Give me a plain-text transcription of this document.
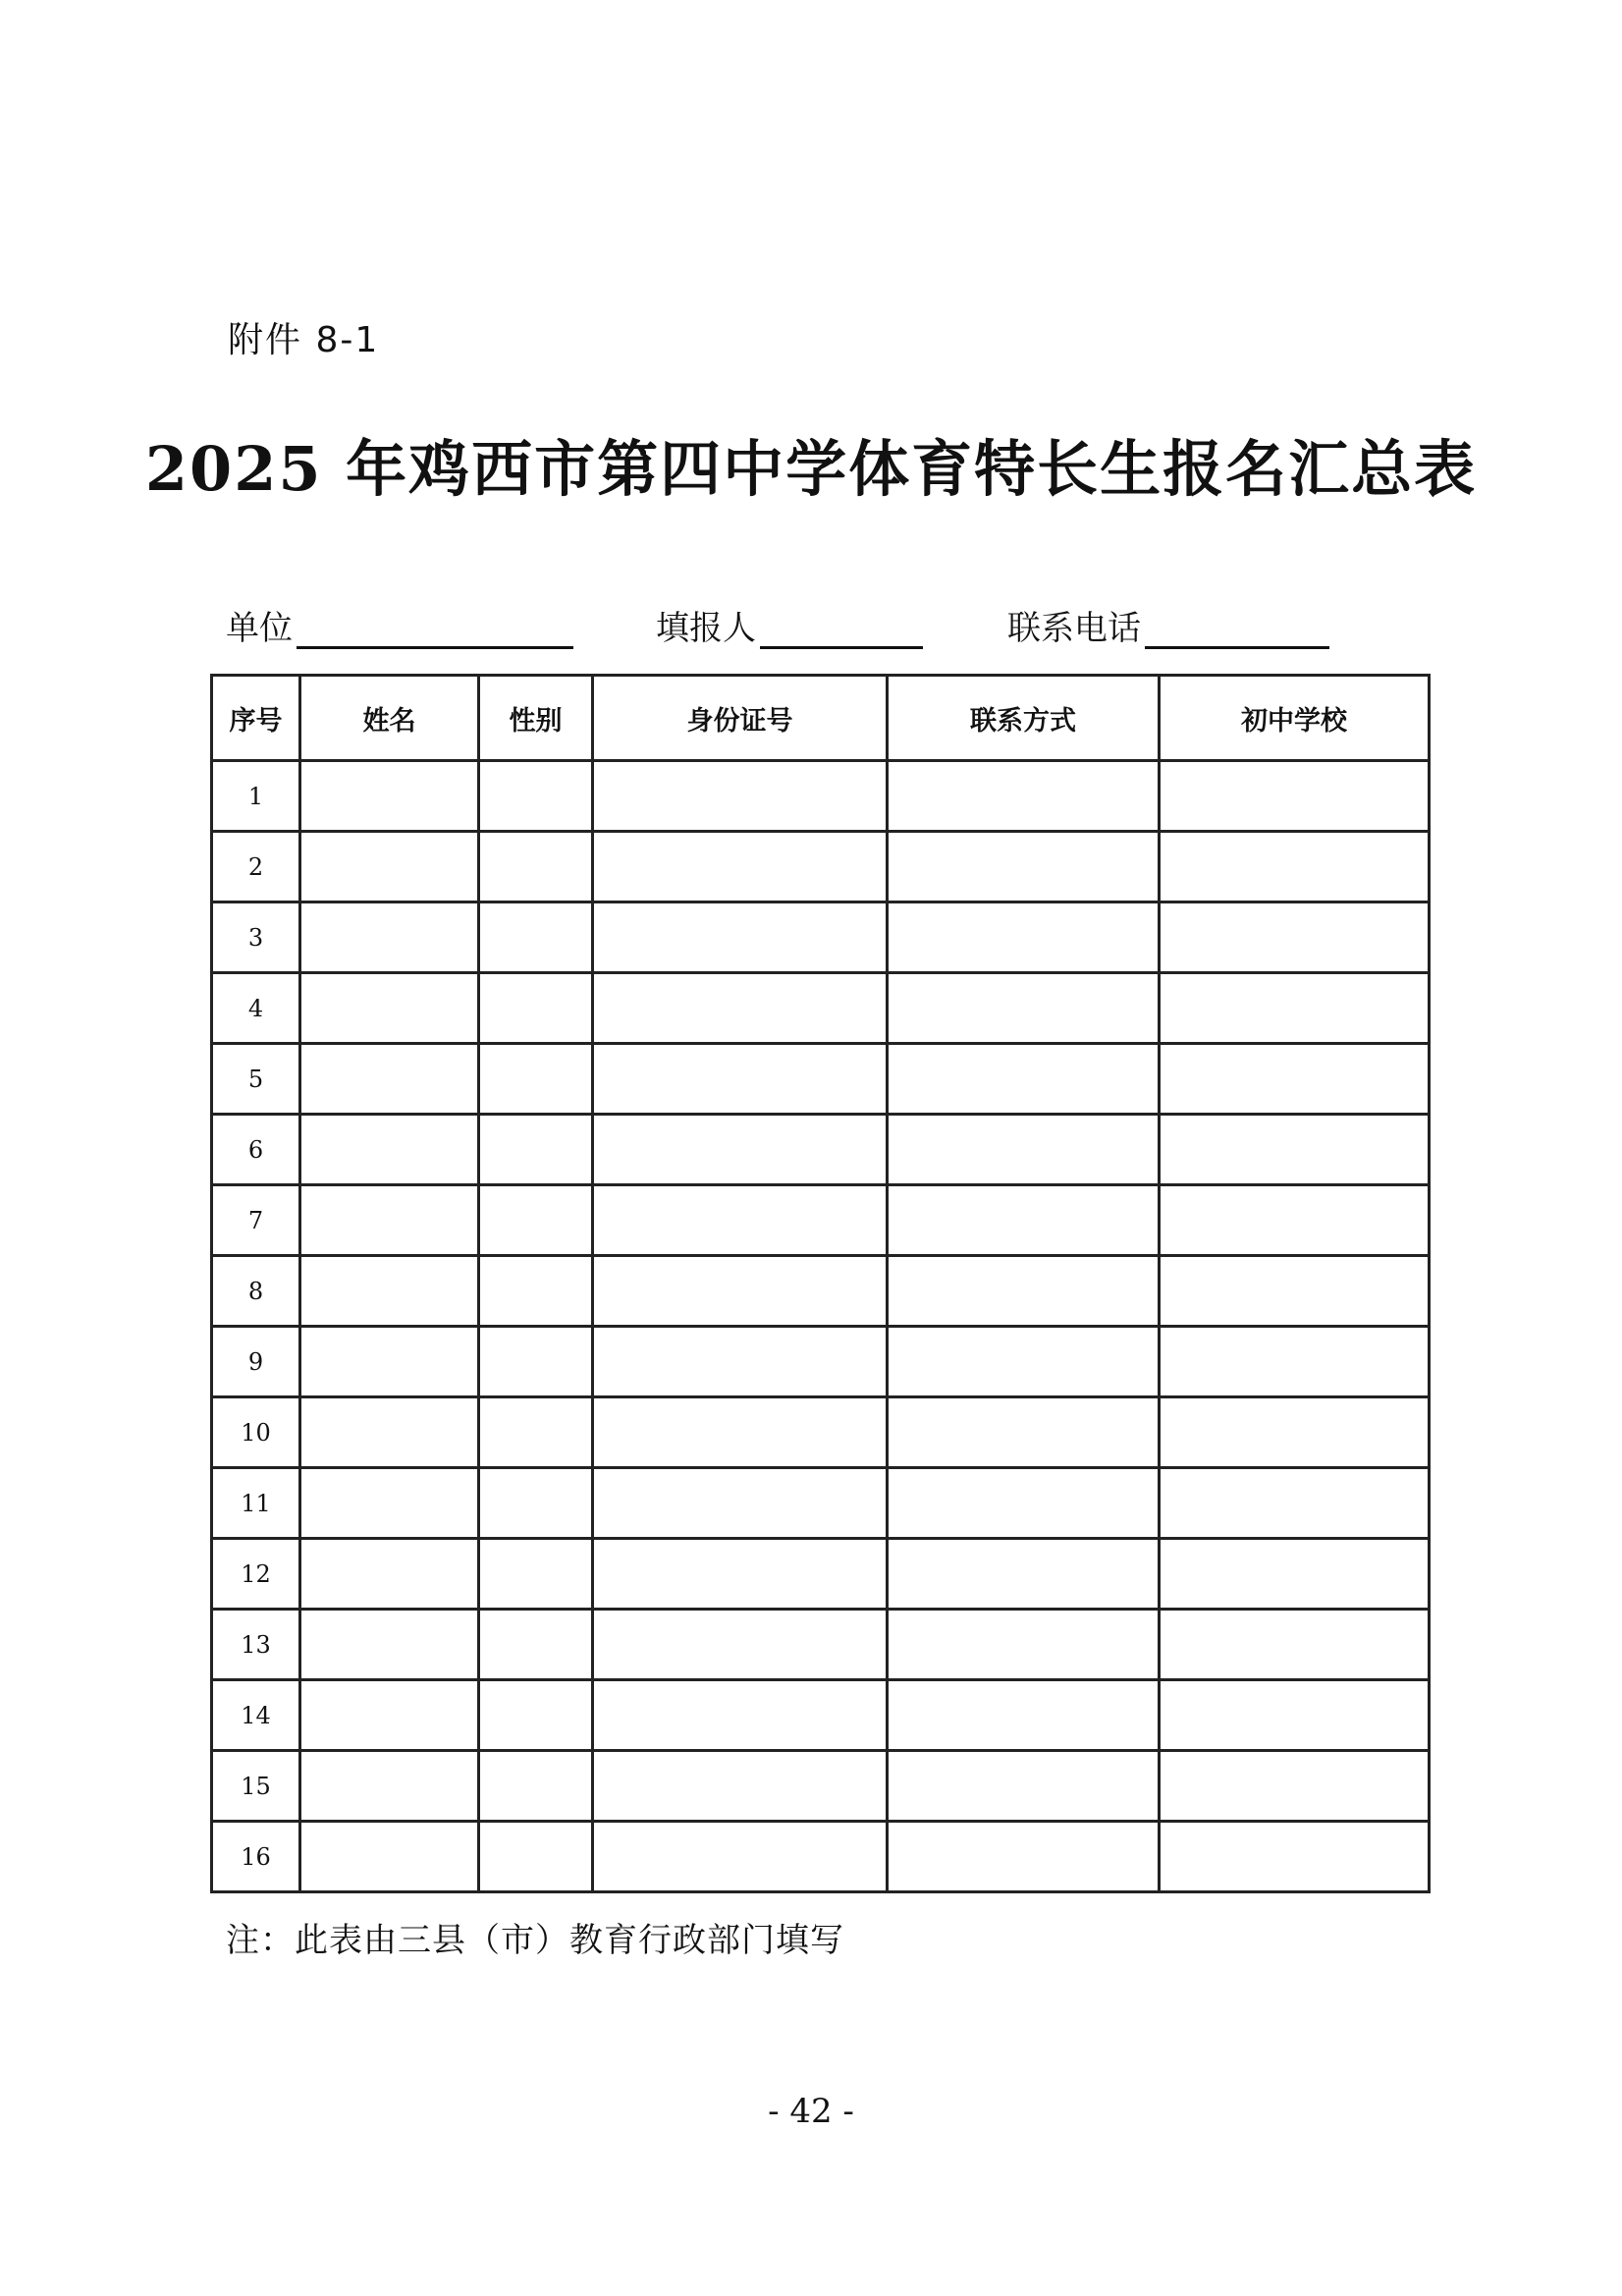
附件 8-1
2025 年鸡西市第四中学体育特长生报名汇总表
单位	填报人	联系电话
序号	姓名	性别	身份证号	联系方式	初中学校
1					
2					
3					
4					
5					
6					
7					
8					
9					
10					
11					
12					
13					
14					
15					
16					
注：此表由三县（市）教育行政部门填写
- 42 -
